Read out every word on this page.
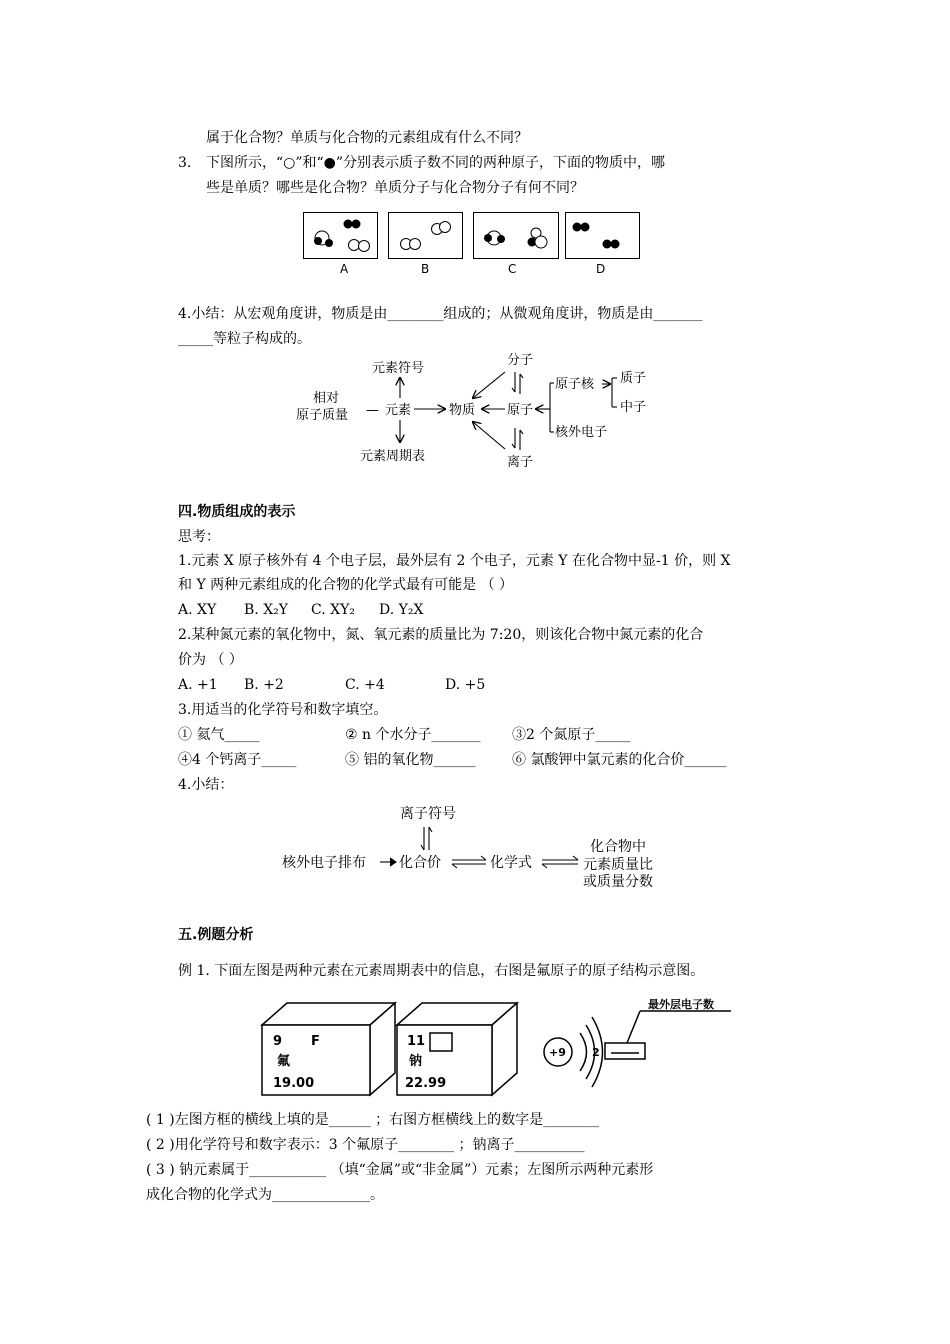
属于化合物？单质与化合物的元素组成有什么不同？
3. 下图所示，“○”和“●”分别表示质子数不同的两种原子，下面的物质中，哪
些是单质？哪些是化合物？单质分子与化合物分子有何不同？
A	B	C	D
4.小结：从宏观角度讲，物质是由________组成的；从微观角度讲，物质是由_______
_____等粒子构成的。
元素符号
相对
原子质量 — 元素	物质 原子
分子
离子
原子核 质子
中子
核外电子
元素周期表
四.物质组成的表示
思考：
1.元素 X 原子核外有 4 个电子层，最外层有 2 个电子，元素 Y 在化合物中显-1 价，则 X
和 Y 两种元素组成的化合物的化学式最有可能是 （ ）
A. XY B. X₂Y C. XY₂ D. Y₂X
2.某种氮元素的氧化物中，氮、氧元素的质量比为 7:20，则该化合物中氮元素的化合
价为 （ ）
A. +1 B. +2	C. +4	D. +5
3.用适当的化学符号和数字填空。
① 氦气_____	② n 个水分子_______ ③2 个氮原子_____
④4 个钙离子_____	⑤ 铝的氧化物______	⑥ 氯酸钾中氯元素的化合价______
4.小结：
离子符号
核外电子排布 化合价	化学式
化合物中
元素质量比
或质量分数
五.例题分析
例 1. 下面左图是两种元素在元素周期表中的信息，右图是氟原子的原子结构示意图。
9 F
氟
19.00
11
钠
22.99
+9 2
最外层电子数
( 1 )左图方框的横线上填的是______ ；右图方框横线上的数字是________
( 2 )用化学符号和数字表示：3 个氟原子________ ；钠离子__________
( 3 ) 钠元素属于___________ （填“金属”或“非金属”）元素；左图所示两种元素形
成化合物的化学式为______________。
